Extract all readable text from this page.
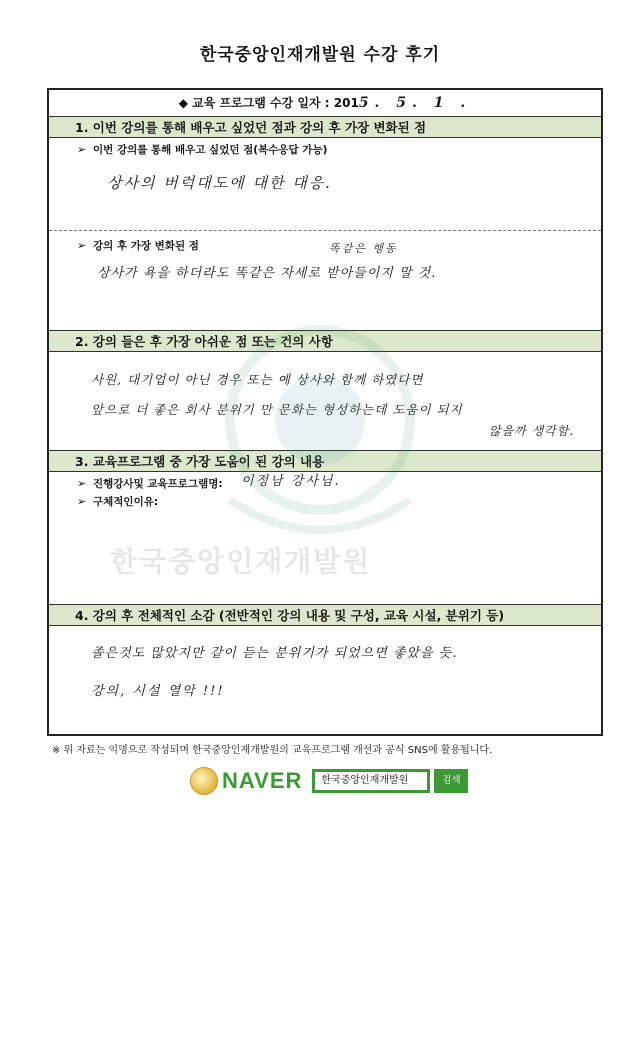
한국중앙인재개발원 수강 후기
◆ 교육 프로그램 수강 일자 : 2015. 5. 1 .
1. 이번 강의를 통해 배우고 싶었던 점과 강의 후 가장 변화된 점
➢ 이번 강의를 통해 배우고 싶었던 점(복수응답 가능)
상사의 버럭대도에 대한 대응.
➢ 강의 후 가장 변화된 점	똑같은 행동
상사가 욕을 하더라도 똑같은 자세로 받아들이지 말 것.
2. 강의 들은 후 가장 아쉬운 점 또는 건의 사항
사원, 대기업이 아닌 경우 또는 예 상사와 함께 하였다면
앞으로 더 좋은 회사 분위기 만 문화는 형성하는데 도움이 되지
않을까 생각함.
3. 교육프로그램 중 가장 도움이 된 강의 내용
➢ 진행강사및 교육프로그램명: 이정남 강사님.
➢ 구체적인이유:
4. 강의 후 전체적인 소감 (전반적인 강의 내용 및 구성, 교육 시설, 분위기 등)
졸은것도 많았지만 같이 듣는 분위기가 되었으면 좋았을 듯.
강의, 시설 열악 !!!
한국중앙인재개발원
※ 위 자료는 익명으로 작성되며 한국중앙인재개발원의 교육프로그램 개선과 공식 SNS에 활용됩니다.
NAVER	한국중앙인재개발원	검색
